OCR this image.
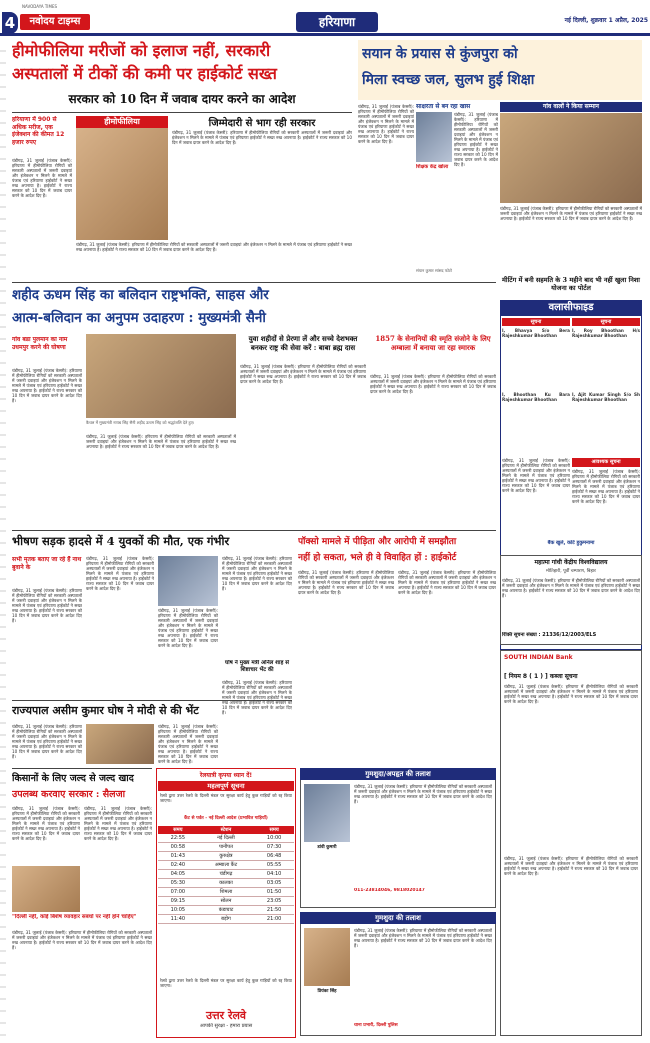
4
NAVODAYA TIMES
नवोदय टाइम्स	हरियाणा	नई दिल्ली, शुक्रवार 1 अप्रैल, 2025
हीमोफीलिया मरीजों को इलाज नहीं, सरकारी
अस्पतालों में टीकों की कमी पर हाईकोर्ट सख्त
सरकार को 10 दिन में जवाब दायर करने का आदेश
हरियाणा में 900 से अधिक मरीज, एक इंजेक्शन की कीमत 12 हजार रुपए
चंडीगढ़, 31 जुलाई (पंजाब केसरी): हरियाणा में हीमोफीलिया रोगियों को सरकारी अस्पतालों में जरूरी दवाइयां और इंजेक्शन न मिलने के मामले में पंजाब एवं हरियाणा हाईकोर्ट ने सख्त रुख अपनाया है। हाईकोर्ट ने राज्य सरकार को 10 दिन में जवाब दायर करने के आदेश दिए हैं।
हीमोफीलिया	जिम्मेदारी से भाग रही सरकार
चंडीगढ़, 31 जुलाई (पंजाब केसरी): हरियाणा में हीमोफीलिया रोगियों को सरकारी अस्पतालों में जरूरी दवाइयां और इंजेक्शन न मिलने के मामले में पंजाब एवं हरियाणा हाईकोर्ट ने सख्त रुख अपनाया है। हाईकोर्ट ने राज्य सरकार को 10 दिन में जवाब दायर करने के आदेश दिए हैं।
चंडीगढ़, 31 जुलाई (पंजाब केसरी): हरियाणा में हीमोफीलिया रोगियों को सरकारी अस्पतालों में जरूरी दवाइयां और इंजेक्शन न मिलने के मामले में पंजाब एवं हरियाणा हाईकोर्ट ने सख्त रुख अपनाया है। हाईकोर्ट ने राज्य सरकार को 10 दिन में जवाब दायर करने के आदेश दिए हैं।
सयान के प्रयास से कुंजपुरा को
मिला स्वच्छ जल, सुलभ हुई शिक्षा
चंडीगढ़, 31 जुलाई (पंजाब केसरी): हरियाणा में हीमोफीलिया रोगियों को सरकारी अस्पतालों में जरूरी दवाइयां और इंजेक्शन न मिलने के मामले में पंजाब एवं हरियाणा हाईकोर्ट ने सख्त रुख अपनाया है। हाईकोर्ट ने राज्य सरकार को 10 दिन में जवाब दायर करने के आदेश दिए हैं।
साक्षरता से बन रहा खास
चंडीगढ़, 31 जुलाई (पंजाब केसरी): हरियाणा में हीमोफीलिया रोगियों को सरकारी अस्पतालों में जरूरी दवाइयां और इंजेक्शन न मिलने के मामले में पंजाब एवं हरियाणा हाईकोर्ट ने सख्त रुख अपनाया है। हाईकोर्ट ने राज्य सरकार को 10 दिन में जवाब दायर करने के आदेश दिए हैं।
शिक्षक केंद्र खोला
गांव वालों ने किया सम्मान
चंडीगढ़, 31 जुलाई (पंजाब केसरी): हरियाणा में हीमोफीलिया रोगियों को सरकारी अस्पतालों में जरूरी दवाइयां और इंजेक्शन न मिलने के मामले में पंजाब एवं हरियाणा हाईकोर्ट ने सख्त रुख अपनाया है। हाईकोर्ट ने राज्य सरकार को 10 दिन में जवाब दायर करने के आदेश दिए हैं।
संयान कुमार सांसद फोटो
मीटिंग में बनी सहमति के 3 महीने बाद भी नहीं खुला निशा योजना का पोर्टल
शहीद ऊधम सिंह का बलिदान राष्ट्रभक्ति, साहस और
आत्म-बलिदान का अनुपम उदाहरण : मुख्यमंत्री सैनी
गांव बडा पुलमान का नाम उधमपुर करने की घोषणा
चंडीगढ़, 31 जुलाई (पंजाब केसरी): हरियाणा में हीमोफीलिया रोगियों को सरकारी अस्पतालों में जरूरी दवाइयां और इंजेक्शन न मिलने के मामले में पंजाब एवं हरियाणा हाईकोर्ट ने सख्त रुख अपनाया है। हाईकोर्ट ने राज्य सरकार को 10 दिन में जवाब दायर करने के आदेश दिए हैं।
कैथल में मुख्यमंत्री नायब सिंह सैनी शहीद ऊधम सिंह को श्रद्धांजलि देते हुए।
युवा शहीदों से प्रेरणा लें और सच्चे देशभक्त बनकर राष्ट्र की सेवा करें : बाबा ब्रह्म दास
चंडीगढ़, 31 जुलाई (पंजाब केसरी): हरियाणा में हीमोफीलिया रोगियों को सरकारी अस्पतालों में जरूरी दवाइयां और इंजेक्शन न मिलने के मामले में पंजाब एवं हरियाणा हाईकोर्ट ने सख्त रुख अपनाया है। हाईकोर्ट ने राज्य सरकार को 10 दिन में जवाब दायर करने के आदेश दिए हैं।
चंडीगढ़, 31 जुलाई (पंजाब केसरी): हरियाणा में हीमोफीलिया रोगियों को सरकारी अस्पतालों में जरूरी दवाइयां और इंजेक्शन न मिलने के मामले में पंजाब एवं हरियाणा हाईकोर्ट ने सख्त रुख अपनाया है। हाईकोर्ट ने राज्य सरकार को 10 दिन में जवाब दायर करने के आदेश दिए हैं।
1857 के सेनानियों की स्मृति संजोने के लिए अम्बाला में बनाया जा रहा स्मारक
चंडीगढ़, 31 जुलाई (पंजाब केसरी): हरियाणा में हीमोफीलिया रोगियों को सरकारी अस्पतालों में जरूरी दवाइयां और इंजेक्शन न मिलने के मामले में पंजाब एवं हरियाणा हाईकोर्ट ने सख्त रुख अपनाया है। हाईकोर्ट ने राज्य सरकार को 10 दिन में जवाब दायर करने के आदेश दिए हैं।
वलासीफाइड
सूचना	सूचना
I, Bhavya S/o Bera Rajeshkumar Bhoothan
I, Roy Bhoothan H/s Rajeshkumar Bhoothan
I, Bhoothan Ku Bara Rajeshkumar Bhoothan
I, Ajit Kumar Singh S/o Sh Rajeshkumar Bhoothan
आवश्यक सूचना
चंडीगढ़, 31 जुलाई (पंजाब केसरी): हरियाणा में हीमोफीलिया रोगियों को सरकारी अस्पतालों में जरूरी दवाइयां और इंजेक्शन न मिलने के मामले में पंजाब एवं हरियाणा हाईकोर्ट ने सख्त रुख अपनाया है। हाईकोर्ट ने राज्य सरकार को 10 दिन में जवाब दायर करने के आदेश दिए हैं।
चंडीगढ़, 31 जुलाई (पंजाब केसरी): हरियाणा में हीमोफीलिया रोगियों को सरकारी अस्पतालों में जरूरी दवाइयां और इंजेक्शन न मिलने के मामले में पंजाब एवं हरियाणा हाईकोर्ट ने सख्त रुख अपनाया है। हाईकोर्ट ने राज्य सरकार को 10 दिन में जवाब दायर करने के आदेश दिए हैं।
बैंक खुले, कोर्ट हुकुमनामा
महात्मा गांधी केंद्रीय विश्वविद्यालय
मोतिहारी, पूर्वी चम्पारण, बिहार
चंडीगढ़, 31 जुलाई (पंजाब केसरी): हरियाणा में हीमोफीलिया रोगियों को सरकारी अस्पतालों में जरूरी दवाइयां और इंजेक्शन न मिलने के मामले में पंजाब एवं हरियाणा हाईकोर्ट ने सख्त रुख अपनाया है। हाईकोर्ट ने राज्य सरकार को 10 दिन में जवाब दायर करने के आदेश दिए हैं।
रिक्ति सूचना संख्या : 21336/12/2003/ELS
भीषण सड़क हादसे में 4 युवकों की मौत, एक गंभीर
सभी मृतक बताए जा रहे हैं नाथ बुवाने के
चंडीगढ़, 31 जुलाई (पंजाब केसरी): हरियाणा में हीमोफीलिया रोगियों को सरकारी अस्पतालों में जरूरी दवाइयां और इंजेक्शन न मिलने के मामले में पंजाब एवं हरियाणा हाईकोर्ट ने सख्त रुख अपनाया है। हाईकोर्ट ने राज्य सरकार को 10 दिन में जवाब दायर करने के आदेश दिए हैं।
चंडीगढ़, 31 जुलाई (पंजाब केसरी): हरियाणा में हीमोफीलिया रोगियों को सरकारी अस्पतालों में जरूरी दवाइयां और इंजेक्शन न मिलने के मामले में पंजाब एवं हरियाणा हाईकोर्ट ने सख्त रुख अपनाया है। हाईकोर्ट ने राज्य सरकार को 10 दिन में जवाब दायर करने के आदेश दिए हैं।
चंडीगढ़, 31 जुलाई (पंजाब केसरी): हरियाणा में हीमोफीलिया रोगियों को सरकारी अस्पतालों में जरूरी दवाइयां और इंजेक्शन न मिलने के मामले में पंजाब एवं हरियाणा हाईकोर्ट ने सख्त रुख अपनाया है। हाईकोर्ट ने राज्य सरकार को 10 दिन में जवाब दायर करने के आदेश दिए हैं।
चंडीगढ़, 31 जुलाई (पंजाब केसरी): हरियाणा में हीमोफीलिया रोगियों को सरकारी अस्पतालों में जरूरी दवाइयां और इंजेक्शन न मिलने के मामले में पंजाब एवं हरियाणा हाईकोर्ट ने सख्त रुख अपनाया है। हाईकोर्ट ने राज्य सरकार को 10 दिन में जवाब दायर करने के आदेश दिए हैं।
पॉक्सो मामले में पीड़िता और आरोपी में समझौता
नहीं हो सकता, भले ही वे विवाहित हों : हाईकोर्ट
चंडीगढ़, 31 जुलाई (पंजाब केसरी): हरियाणा में हीमोफीलिया रोगियों को सरकारी अस्पतालों में जरूरी दवाइयां और इंजेक्शन न मिलने के मामले में पंजाब एवं हरियाणा हाईकोर्ट ने सख्त रुख अपनाया है। हाईकोर्ट ने राज्य सरकार को 10 दिन में जवाब दायर करने के आदेश दिए हैं।
चंडीगढ़, 31 जुलाई (पंजाब केसरी): हरियाणा में हीमोफीलिया रोगियों को सरकारी अस्पतालों में जरूरी दवाइयां और इंजेक्शन न मिलने के मामले में पंजाब एवं हरियाणा हाईकोर्ट ने सख्त रुख अपनाया है। हाईकोर्ट ने राज्य सरकार को 10 दिन में जवाब दायर करने के आदेश दिए हैं।
राज्यपाल असीम कुमार घोष ने मोदी से की भेंट
चंडीगढ़, 31 जुलाई (पंजाब केसरी): हरियाणा में हीमोफीलिया रोगियों को सरकारी अस्पतालों में जरूरी दवाइयां और इंजेक्शन न मिलने के मामले में पंजाब एवं हरियाणा हाईकोर्ट ने सख्त रुख अपनाया है। हाईकोर्ट ने राज्य सरकार को 10 दिन में जवाब दायर करने के आदेश दिए हैं।
चंडीगढ़, 31 जुलाई (पंजाब केसरी): हरियाणा में हीमोफीलिया रोगियों को सरकारी अस्पतालों में जरूरी दवाइयां और इंजेक्शन न मिलने के मामले में पंजाब एवं हरियाणा हाईकोर्ट ने सख्त रुख अपनाया है। हाईकोर्ट ने राज्य सरकार को 10 दिन में जवाब दायर करने के आदेश दिए हैं।
घोष ने मुख्य मंत्री अनिल शाह से शिष्टाचार भेंट की
चंडीगढ़, 31 जुलाई (पंजाब केसरी): हरियाणा में हीमोफीलिया रोगियों को सरकारी अस्पतालों में जरूरी दवाइयां और इंजेक्शन न मिलने के मामले में पंजाब एवं हरियाणा हाईकोर्ट ने सख्त रुख अपनाया है। हाईकोर्ट ने राज्य सरकार को 10 दिन में जवाब दायर करने के आदेश दिए हैं।
किसानों के लिए जल्द से जल्द खाद
उपलब्ध करवाए सरकार : सैलजा
चंडीगढ़, 31 जुलाई (पंजाब केसरी): हरियाणा में हीमोफीलिया रोगियों को सरकारी अस्पतालों में जरूरी दवाइयां और इंजेक्शन न मिलने के मामले में पंजाब एवं हरियाणा हाईकोर्ट ने सख्त रुख अपनाया है। हाईकोर्ट ने राज्य सरकार को 10 दिन में जवाब दायर करने के आदेश दिए हैं।
चंडीगढ़, 31 जुलाई (पंजाब केसरी): हरियाणा में हीमोफीलिया रोगियों को सरकारी अस्पतालों में जरूरी दवाइयां और इंजेक्शन न मिलने के मामले में पंजाब एवं हरियाणा हाईकोर्ट ने सख्त रुख अपनाया है। हाईकोर्ट ने राज्य सरकार को 10 दिन में जवाब दायर करने के आदेश दिए हैं।
"दिल्ली नहीं, कोई बिशेष व्यावहार संबंधों पर नहीं होने चाहिए"
चंडीगढ़, 31 जुलाई (पंजाब केसरी): हरियाणा में हीमोफीलिया रोगियों को सरकारी अस्पतालों में जरूरी दवाइयां और इंजेक्शन न मिलने के मामले में पंजाब एवं हरियाणा हाईकोर्ट ने सख्त रुख अपनाया है। हाईकोर्ट ने राज्य सरकार को 10 दिन में जवाब दायर करने के आदेश दिए हैं।
रेलयात्री कृपया ध्यान दें!
महत्वपूर्ण सूचना
रेलवे द्वारा उत्तर रेलवे के दिल्ली मंडल पर सुरक्षा कार्य हेतु कुछ गाड़ियों को रद्द किया जाएगा।
कैंट से पर्वत - नई दिल्ली आदेश (प्रभावित गाड़ियाँ)
समय	स्टेशन	समय
22:55	नई दिल्ली	10:00
00:58	पानीपत	07:30
01:43	कुरुक्षेत्र	06:48
02:40	अम्बाला कैंट	05:55
04:05	चंडीगढ़	04:10
05:30	कालका	03:05
07:00	शिमला	01:50
09:15	सोलन	23:05
10:05	कंडाघाट	21:50
11:40	बड़ोग	21:00
रेलवे द्वारा उत्तर रेलवे के दिल्ली मंडल पर सुरक्षा कार्य हेतु कुछ गाड़ियों को रद्द किया जाएगा।
उत्तर रेलवे
आपकी सुरक्षा - हमारा प्रयास
गुमशुदा/अपहृत की तलाश
डांवी कुमारी
चंडीगढ़, 31 जुलाई (पंजाब केसरी): हरियाणा में हीमोफीलिया रोगियों को सरकारी अस्पतालों में जरूरी दवाइयां और इंजेक्शन न मिलने के मामले में पंजाब एवं हरियाणा हाईकोर्ट ने सख्त रुख अपनाया है। हाईकोर्ट ने राज्य सरकार को 10 दिन में जवाब दायर करने के आदेश दिए हैं।
011-23814046, 9818020147
गुमशुदा की तलाश
प्रियंका सिंह
चंडीगढ़, 31 जुलाई (पंजाब केसरी): हरियाणा में हीमोफीलिया रोगियों को सरकारी अस्पतालों में जरूरी दवाइयां और इंजेक्शन न मिलने के मामले में पंजाब एवं हरियाणा हाईकोर्ट ने सख्त रुख अपनाया है। हाईकोर्ट ने राज्य सरकार को 10 दिन में जवाब दायर करने के आदेश दिए हैं।
थाना प्रभारी, दिल्ली पुलिस
SOUTH INDIAN Bank
[ नियम 8 ( 1 ) ] कब्जा सूचना
चंडीगढ़, 31 जुलाई (पंजाब केसरी): हरियाणा में हीमोफीलिया रोगियों को सरकारी अस्पतालों में जरूरी दवाइयां और इंजेक्शन न मिलने के मामले में पंजाब एवं हरियाणा हाईकोर्ट ने सख्त रुख अपनाया है। हाईकोर्ट ने राज्य सरकार को 10 दिन में जवाब दायर करने के आदेश दिए हैं।
चंडीगढ़, 31 जुलाई (पंजाब केसरी): हरियाणा में हीमोफीलिया रोगियों को सरकारी अस्पतालों में जरूरी दवाइयां और इंजेक्शन न मिलने के मामले में पंजाब एवं हरियाणा हाईकोर्ट ने सख्त रुख अपनाया है। हाईकोर्ट ने राज्य सरकार को 10 दिन में जवाब दायर करने के आदेश दिए हैं।
